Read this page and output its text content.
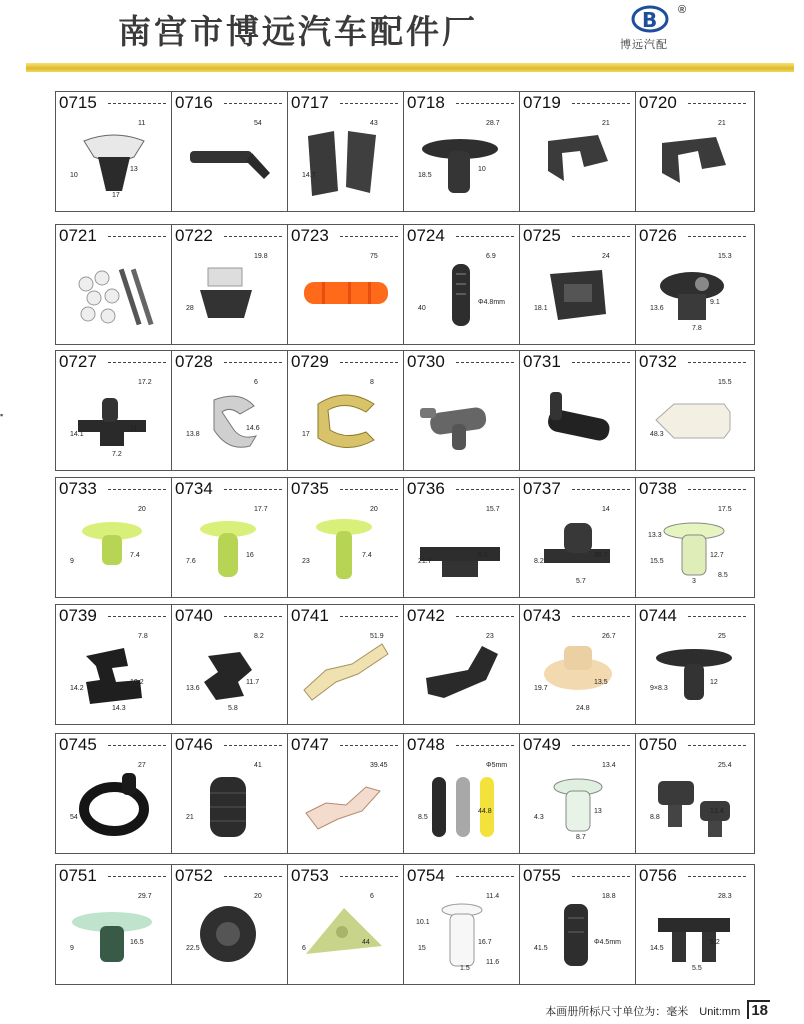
南宫市博远汽车配件厂	B ®
博远汽配
▪
0715
11
10
13
17
0716
54
0717
43
14.7
0718
28.7
18.5
10
0719
21
0720
21
0721	0722
19.8
28
0723
75
0724
6.9
40
Φ4.8mm
0725
24
18.1
0726
15.3
13.6
9.1
7.8
0727
17.2
14.1
11
7.2
0728
6
13.8
14.6
0729
8
17
0730	0731	0732
15.5
48.3
0733
20
9
7.4
0734
17.7
7.6
16
0735
20
23
7.4
0736
15.7
21.7
8.1
0737
14
8.2
35.7
5.7
0738
17.5
15.5
12.7
3
13.3
8.5
0739
7.8
14.2
10.2
14.3
0740
8.2
13.6
11.7
5.8
0741
51.9
0742
23
0743
26.7
19.7
13.5
24.8
0744
25
9×8.3
12
0745
27
54
0746
41
21
0747
39.45
0748
Φ5mm
8.5
44.8
0749
13.4
4.3
13
8.7
0750
25.4
8.8
13.4
0751
29.7
9
16.5
0752
20
22.5
0753
6
6
44
0754
11.4
15
16.7
1.5
10.1
11.6
0755
18.8
41.5
Φ4.5mm
0756
28.3
14.5
5.2
5.5
本画册所标尺寸单位为：毫米 Unit:mm 18
